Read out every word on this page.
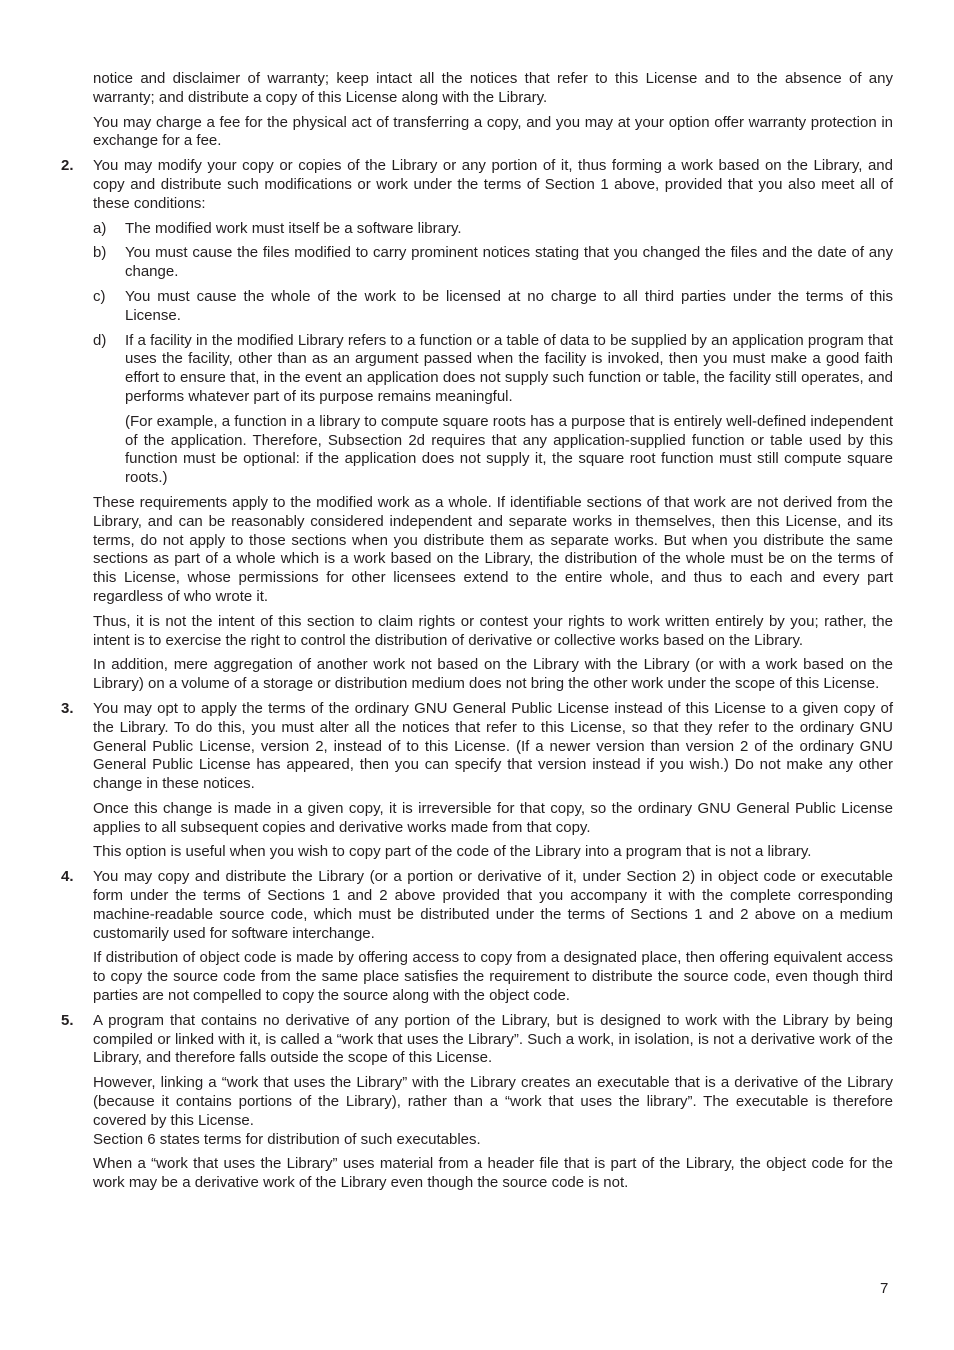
notice and disclaimer of warranty; keep intact all the notices that refer to this License and to the absence of any warranty; and distribute a copy of this License along with the Library.

You may charge a fee for the physical act of transferring a copy, and you may at your option offer warranty protection in exchange for a fee.

2. You may modify your copy or copies of the Library or any portion of it, thus forming a work based on the Library, and copy and distribute such modifications or work under the terms of Section 1 above, provided that you also meet all of these conditions:

a) The modified work must itself be a software library.

b) You must cause the files modified to carry prominent notices stating that you changed the files and the date of any change.

c) You must cause the whole of the work to be licensed at no charge to all third parties under the terms of this License.

d) If a facility in the modified Library refers to a function or a table of data to be supplied by an application program that uses the facility, other than as an argument passed when the facility is invoked, then you must make a good faith effort to ensure that, in the event an application does not supply such function or table, the facility still operates, and performs whatever part of its purpose remains meaningful.

(For example, a function in a library to compute square roots has a purpose that is entirely well-defined independent of the application. Therefore, Subsection 2d requires that any application-supplied function or table used by this function must be optional: if the application does not supply it, the square root function must still compute square roots.)

These requirements apply to the modified work as a whole. If identifiable sections of that work are not derived from the Library, and can be reasonably considered independent and separate works in themselves, then this License, and its terms, do not apply to those sections when you distribute them as separate works. But when you distribute the same sections as part of a whole which is a work based on the Library, the distribution of the whole must be on the terms of this License, whose permissions for other licensees extend to the entire whole, and thus to each and every part regardless of who wrote it.

Thus, it is not the intent of this section to claim rights or contest your rights to work written entirely by you; rather, the intent is to exercise the right to control the distribution of derivative or collective works based on the Library.

In addition, mere aggregation of another work not based on the Library with the Library (or with a work based on the Library) on a volume of a storage or distribution medium does not bring the other work under the scope of this License.

3. You may opt to apply the terms of the ordinary GNU General Public License instead of this License to a given copy of the Library. To do this, you must alter all the notices that refer to this License, so that they refer to the ordinary GNU General Public License, version 2, instead of to this License. (If a newer version than version 2 of the ordinary GNU General Public License has appeared, then you can specify that version instead if you wish.) Do not make any other change in these notices.

Once this change is made in a given copy, it is irreversible for that copy, so the ordinary GNU General Public License applies to all subsequent copies and derivative works made from that copy.

This option is useful when you wish to copy part of the code of the Library into a program that is not a library.

4. You may copy and distribute the Library (or a portion or derivative of it, under Section 2) in object code or executable form under the terms of Sections 1 and 2 above provided that you accompany it with the complete corresponding machine-readable source code, which must be distributed under the terms of Sections 1 and 2 above on a medium customarily used for software interchange.

If distribution of object code is made by offering access to copy from a designated place, then offering equivalent access to copy the source code from the same place satisfies the requirement to distribute the source code, even though third parties are not compelled to copy the source along with the object code.

5. A program that contains no derivative of any portion of the Library, but is designed to work with the Library by being compiled or linked with it, is called a “work that uses the Library”. Such a work, in isolation, is not a derivative work of the Library, and therefore falls outside the scope of this License.

However, linking a “work that uses the Library” with the Library creates an executable that is a derivative of the Library (because it contains portions of the Library), rather than a “work that uses the library”. The executable is therefore covered by this License.

Section 6 states terms for distribution of such executables.

When a “work that uses the Library” uses material from a header file that is part of the Library, the object code for the work may be a derivative work of the Library even though the source code is not.

7
